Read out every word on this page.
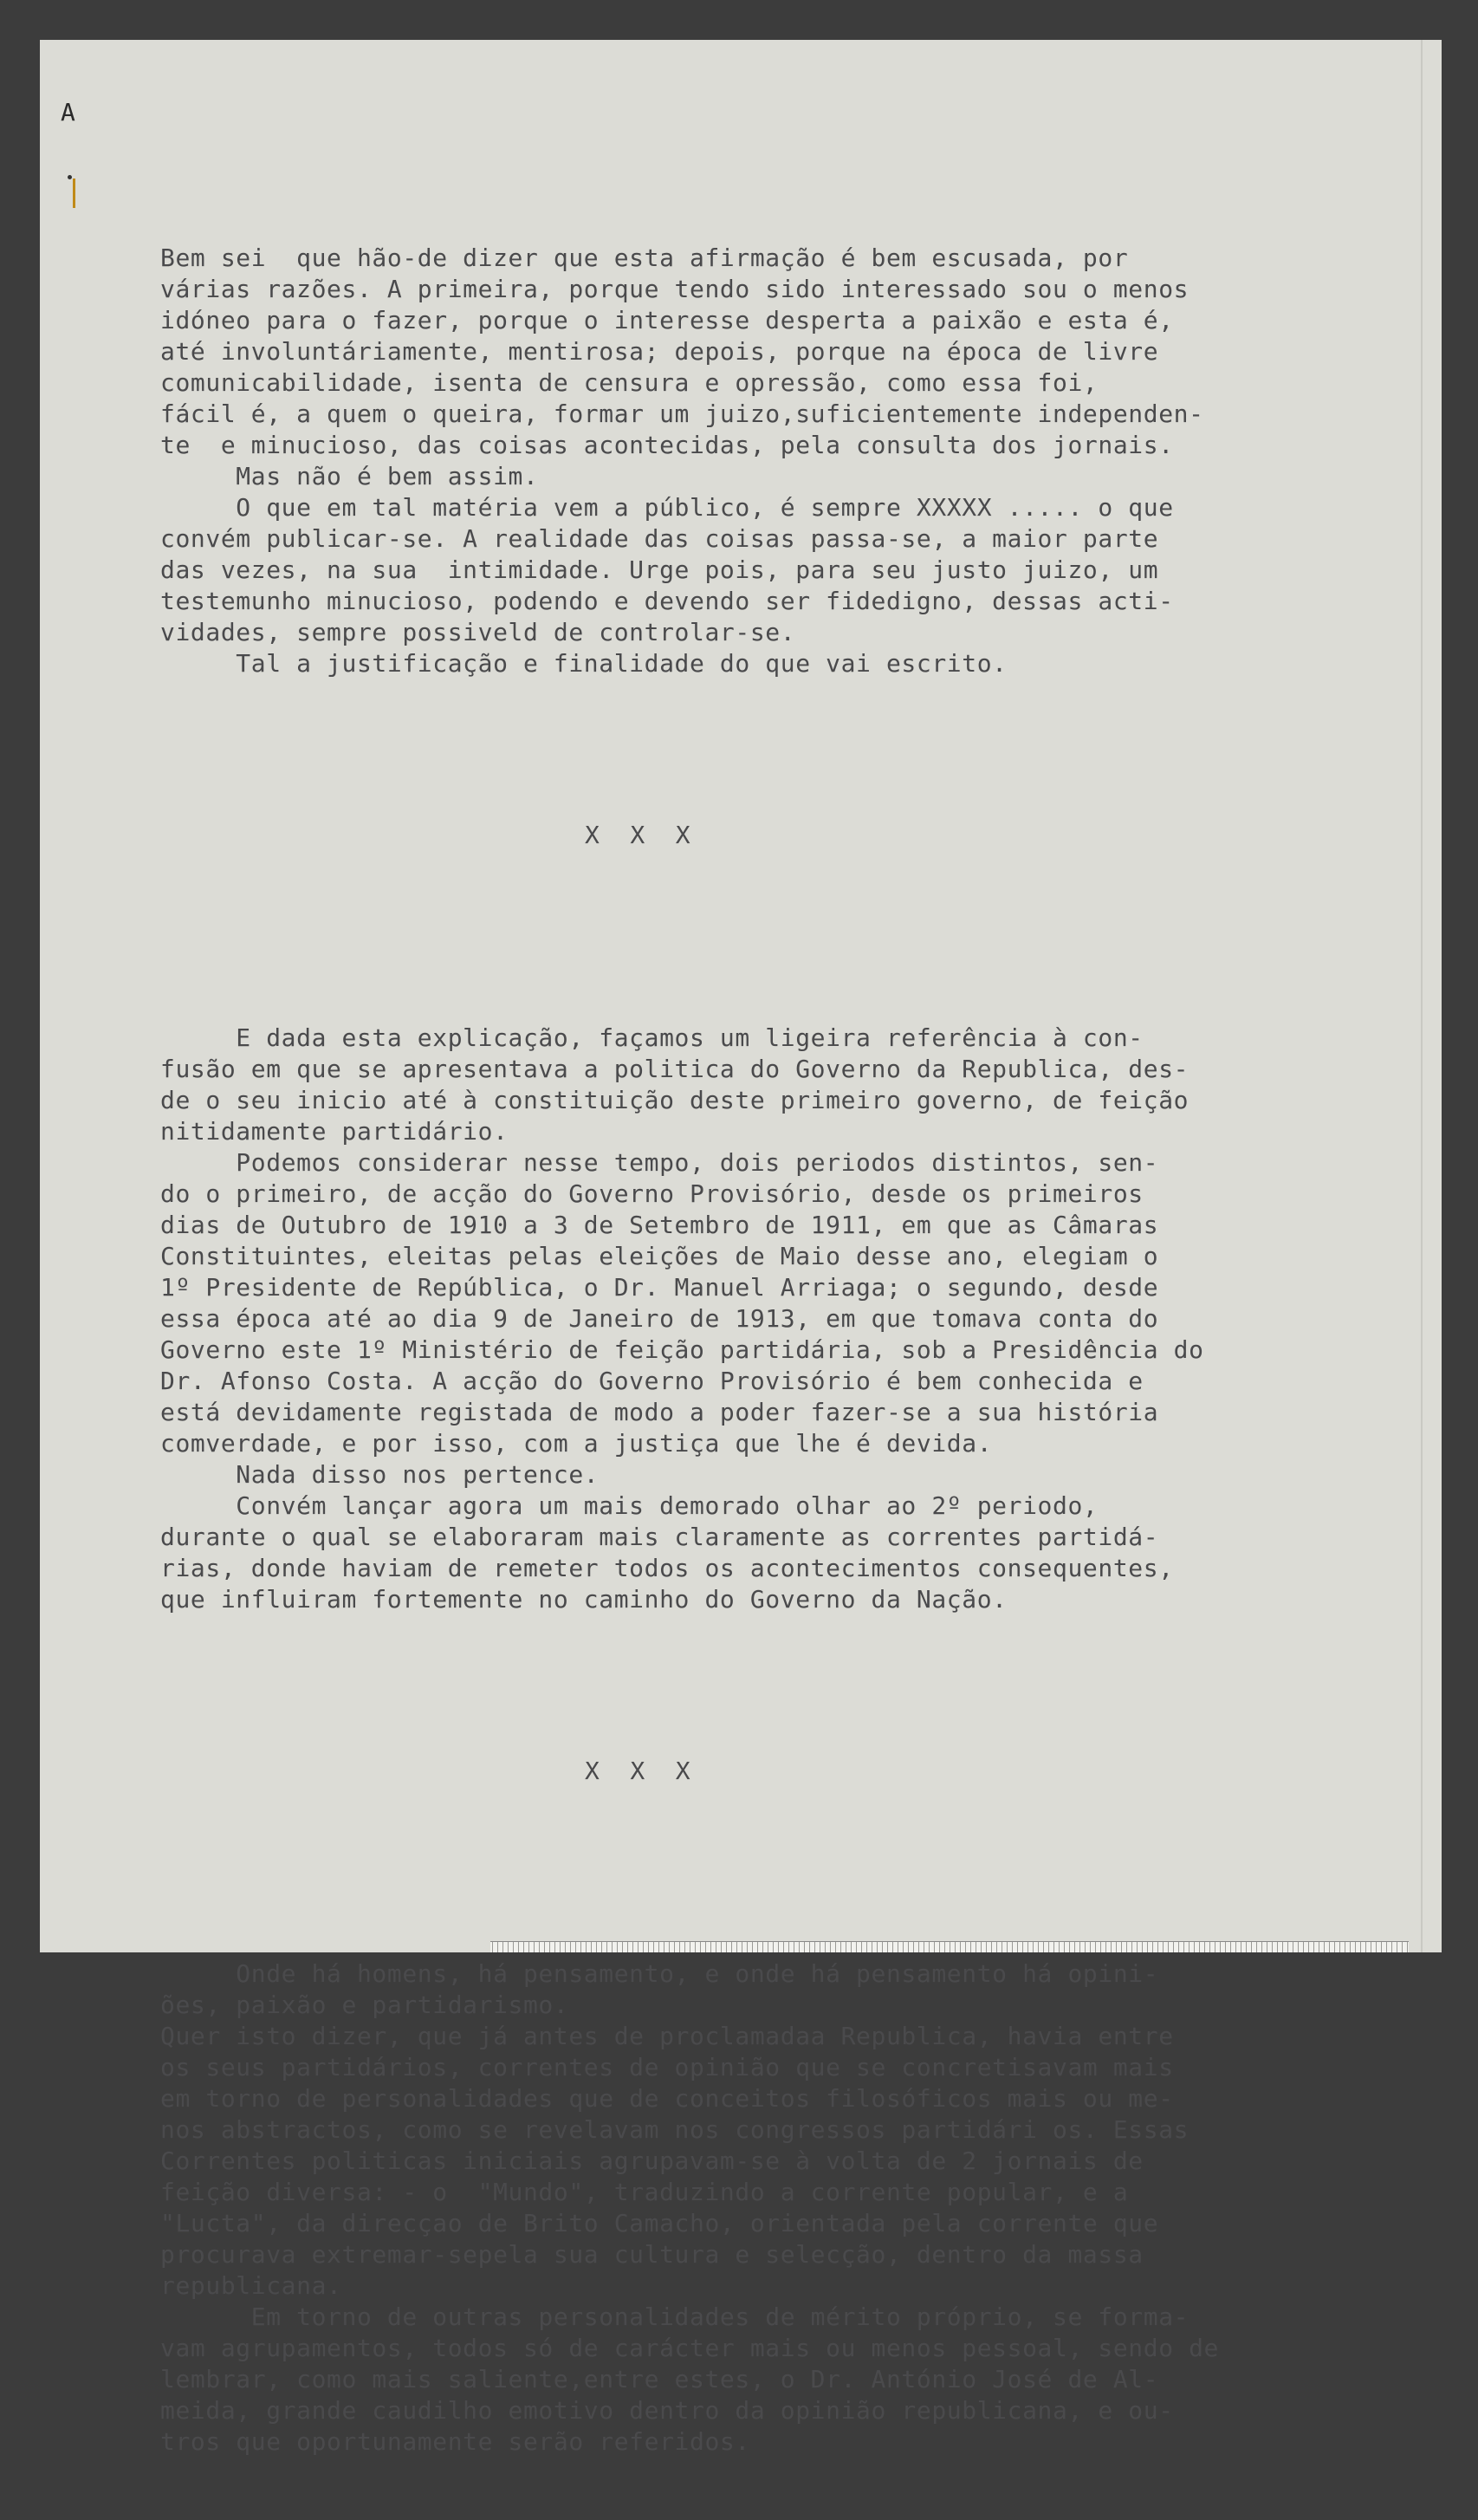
A

Bem sei  que hão-de dizer que esta afirmação é bem escusada, por
várias razões. A primeira, porque tendo sido interessado sou o menos
idóneo para o fazer, porque o interesse desperta a paixão e esta é,
até involuntáriamente, mentirosa; depois, porque na época de livre
comunicabilidade, isenta de censura e opressão, como essa foi,
fácil é, a quem o queira, formar um juizo,suficientemente independen-
te  e minucioso, das coisas acontecidas, pela consulta dos jornais.
Mas não é bem assim.
O que em tal matéria vem a público, é sempre XXXXX ..... o que
convém publicar-se. A realidade das coisas passa-se, a maior parte
das vezes, na sua  intimidade. Urge pois, para seu justo juizo, um
testemunho minucioso, podendo e devendo ser fidedigno, dessas acti-
vidades, sempre possiveld de controlar-se.
Tal a justificação e finalidade do que vai escrito.

X  X  X

E dada esta explicação, façamos um ligeira referência à con-
fusão em que se apresentava a politica do Governo da Republica, des-
de o seu inicio até à constituição deste primeiro governo, de feição
nitidamente partidário.
Podemos considerar nesse tempo, dois periodos distintos, sen-
do o primeiro, de acção do Governo Provisório, desde os primeiros
dias de Outubro de 1910 a 3 de Setembro de 1911, em que as Câmaras
Constituintes, eleitas pelas eleições de Maio desse ano, elegiam o
1º Presidente de República, o Dr. Manuel Arriaga; o segundo, desde
essa época até ao dia 9 de Janeiro de 1913, em que tomava conta do
Governo este 1º Ministério de feição partidária, sob a Presidência do
Dr. Afonso Costa. A acção do Governo Provisório é bem conhecida e
está devidamente registada de modo a poder fazer-se a sua história
comverdade, e por isso, com a justiça que lhe é devida.
Nada disso nos pertence.
Convém lançar agora um mais demorado olhar ao 2º periodo,
durante o qual se elaboraram mais claramente as correntes partidá-
rias, donde haviam de remeter todos os acontecimentos consequentes,
que influiram fortemente no caminho do Governo da Nação.

X  X  X

Onde há homens, há pensamento, e onde há pensamento há opini-
ões, paixão e partidarismo.
Quer isto dizer, que já antes de proclamadaa Republica, havia entre
os seus partidários, correntes de opinião que se concretisavam mais
em torno de personalidades que de conceitos filosóficos mais ou me-
nos abstractos, como se revelavam nos congressos partidári os. Essas
Correntes politicas iniciais agrupavam-se à volta de 2 jornais de
feição diversa: - o  "Mundo", traduzindo a corrente popular, e a
"Lucta", da direcçao de Brito Camacho, orientada pela corrente que
procurava extremar-sepela sua cultura e selecção, dentro da massa
republicana.
Em torno de outras personalidades de mérito próprio, se forma-
vam agrupamentos, todos só de carácter mais ou menos pessoal, sendo de
lembrar, como mais saliente,entre estes, o Dr. António José de Al-
meida, grande caudilho emotivo dentro da opinião republicana, e ou-
tros que oportunamente serão referidos.
